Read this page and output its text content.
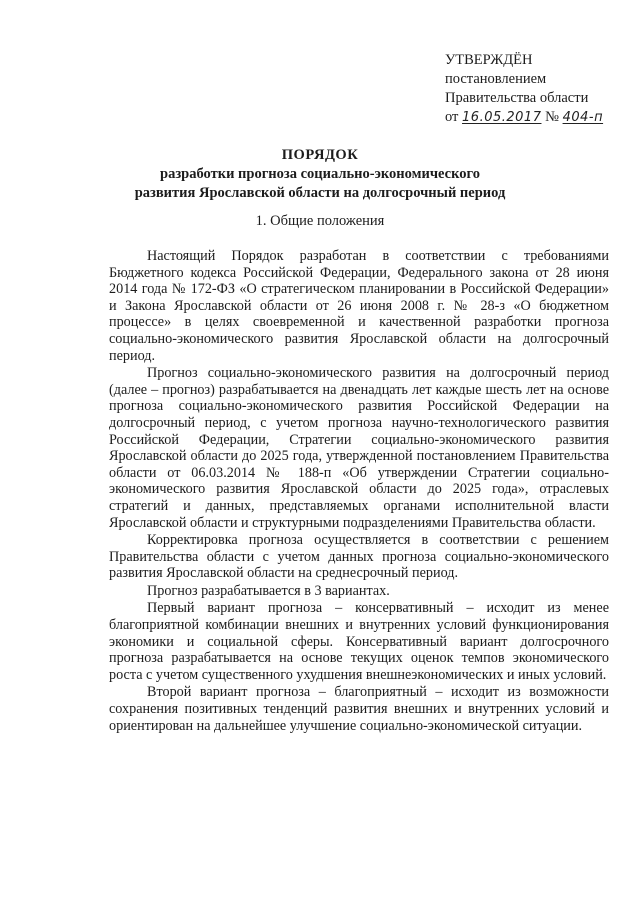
УТВЕРЖДЁН
постановлением
Правительства области
от 16.05.2017 № 404-п
ПОРЯДОК
разработки прогноза социально-экономического
развития Ярославской области на долгосрочный период
1. Общие положения

Настоящий Порядок разработан в соответствии с требованиями Бюджетного кодекса Российской Федерации, Федерального закона от 28 июня 2014 года № 172-ФЗ «О стратегическом планировании в Российской Федерации» и Закона Ярославской области от 26 июня 2008 г. № 28-з «О бюджетном процессе» в целях своевременной и качественной разработки прогноза социально-экономического развития Ярославской области на долгосрочный период.

Прогноз социально-экономического развития на долгосрочный период (далее – прогноз) разрабатывается на двенадцать лет каждые шесть лет на основе прогноза социально-экономического развития Российской Федерации на долгосрочный период, с учетом прогноза научно-технологического развития Российской Федерации, Стратегии социально-экономического развития Ярославской области до 2025 года, утвержденной постановлением Правительства области от 06.03.2014 № 188-п «Об утверждении Стратегии социально-экономического развития Ярославской области до 2025 года», отраслевых стратегий и данных, представляемых органами исполнительной власти Ярославской области и структурными подразделениями Правительства области.

Корректировка прогноза осуществляется в соответствии с решением Правительства области с учетом данных прогноза социально-экономического развития Ярославской области на среднесрочный период.

Прогноз разрабатывается в 3 вариантах.

Первый вариант прогноза – консервативный – исходит из менее благоприятной комбинации внешних и внутренних условий функционирования экономики и социальной сферы. Консервативный вариант долгосрочного прогноза разрабатывается на основе текущих оценок темпов экономического роста с учетом существенного ухудшения внешнеэкономических и иных условий.

Второй вариант прогноза – благоприятный – исходит из возможности сохранения позитивных тенденций развития внешних и внутренних условий и ориентирован на дальнейшее улучшение социально-экономической ситуации.
